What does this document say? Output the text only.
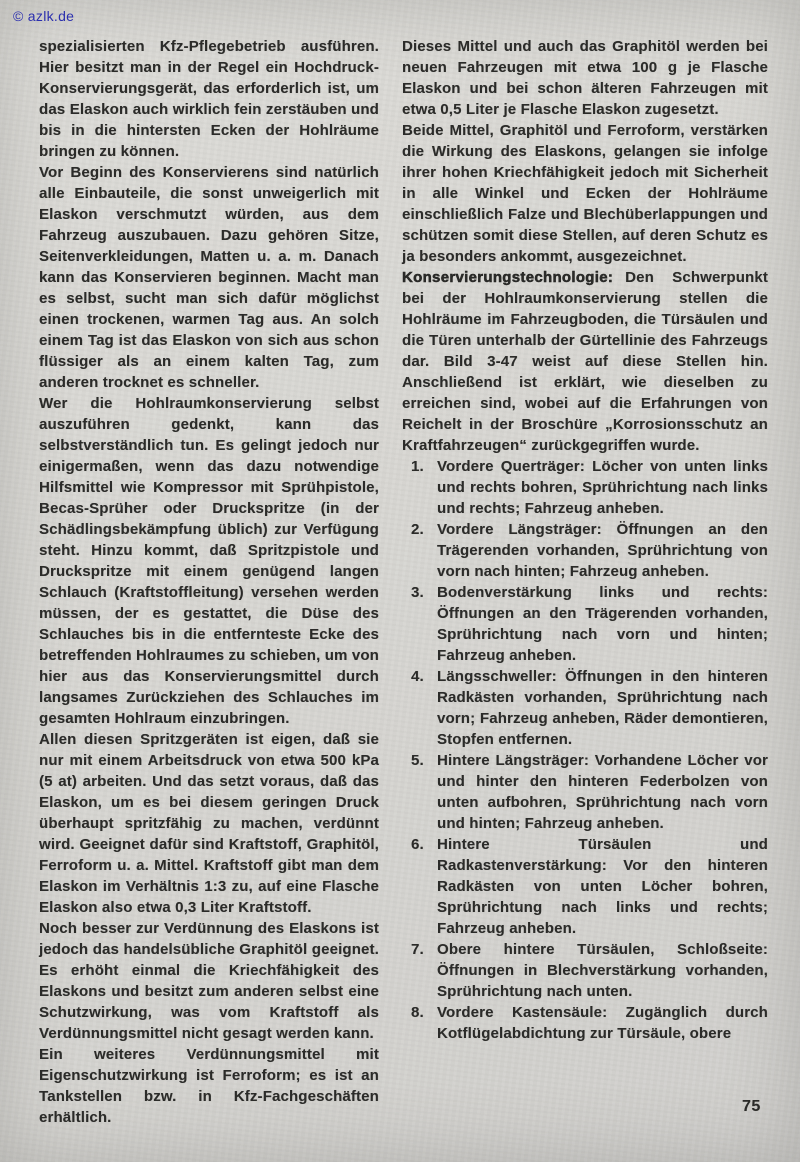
© azlk.de

spezialisierten Kfz-Pflegebetrieb ausführen. Hier besitzt man in der Regel ein Hochdruck-Konservierungsgerät, das erforderlich ist, um das Elaskon auch wirklich fein zerstäuben und bis in die hintersten Ecken der Hohlräume bringen zu können.

Vor Beginn des Konservierens sind natürlich alle Einbauteile, die sonst unweigerlich mit Elaskon verschmutzt würden, aus dem Fahrzeug auszubauen. Dazu gehören Sitze, Seitenverkleidungen, Matten u. a. m. Danach kann das Konservieren beginnen. Macht man es selbst, sucht man sich dafür möglichst einen trockenen, warmen Tag aus. An solch einem Tag ist das Elaskon von sich aus schon flüssiger als an einem kalten Tag, zum anderen trocknet es schneller.

Wer die Hohlraumkonservierung selbst auszuführen gedenkt, kann das selbstverständlich tun. Es gelingt jedoch nur einigermaßen, wenn das dazu notwendige Hilfsmittel wie Kompressor mit Sprühpistole, Becas-Sprüher oder Druckspritze (in der Schädlingsbekämpfung üblich) zur Verfügung steht. Hinzu kommt, daß Spritzpistole und Druckspritze mit einem genügend langen Schlauch (Kraftstoffleitung) versehen werden müssen, der es gestattet, die Düse des Schlauches bis in die entfernteste Ecke des betreffenden Hohlraumes zu schieben, um von hier aus das Konservierungsmittel durch langsames Zurückziehen des Schlauches im gesamten Hohlraum einzubringen.

Allen diesen Spritzgeräten ist eigen, daß sie nur mit einem Arbeitsdruck von etwa 500 kPa (5 at) arbeiten. Und das setzt voraus, daß das Elaskon, um es bei diesem geringen Druck überhaupt spritzfähig zu machen, verdünnt wird. Geeignet dafür sind Kraftstoff, Graphitöl, Ferroform u. a. Mittel. Kraftstoff gibt man dem Elaskon im Verhältnis 1:3 zu, auf eine Flasche Elaskon also etwa 0,3 Liter Kraftstoff.

Noch besser zur Verdünnung des Elaskons ist jedoch das handelsübliche Graphitöl geeignet. Es erhöht einmal die Kriechfähigkeit des Elaskons und besitzt zum anderen selbst eine Schutzwirkung, was vom Kraftstoff als Verdünnungsmittel nicht gesagt werden kann.

Ein weiteres Verdünnungsmittel mit Eigenschutzwirkung ist Ferroform; es ist an Tankstellen bzw. in Kfz-Fachgeschäften erhältlich.

Dieses Mittel und auch das Graphitöl werden bei neuen Fahrzeugen mit etwa 100 g je Flasche Elaskon und bei schon älteren Fahrzeugen mit etwa 0,5 Liter je Flasche Elaskon zugesetzt.

Beide Mittel, Graphitöl und Ferroform, verstärken die Wirkung des Elaskons, gelangen sie infolge ihrer hohen Kriechfähigkeit jedoch mit Sicherheit in alle Winkel und Ecken der Hohlräume einschließlich Falze und Blechüberlappungen und schützen somit diese Stellen, auf deren Schutz es ja besonders ankommt, ausgezeichnet.

Konservierungstechnologie: Den Schwerpunkt bei der Hohlraumkonservierung stellen die Hohlräume im Fahrzeugboden, die Türsäulen und die Türen unterhalb der Gürtellinie des Fahrzeugs dar. Bild 3-47 weist auf diese Stellen hin. Anschließend ist erklärt, wie dieselben zu erreichen sind, wobei auf die Erfahrungen von Reichelt in der Broschüre „Korrosionsschutz an Kraftfahrzeugen“ zurückgegriffen wurde.

1. Vordere Querträger: Löcher von unten links und rechts bohren, Sprührichtung nach links und rechts; Fahrzeug anheben.
2. Vordere Längsträger: Öffnungen an den Trägerenden vorhanden, Sprührichtung von vorn nach hinten; Fahrzeug anheben.
3. Bodenverstärkung links und rechts: Öffnungen an den Trägerenden vorhanden, Sprührichtung nach vorn und hinten; Fahrzeug anheben.
4. Längsschweller: Öffnungen in den hinteren Radkästen vorhanden, Sprührichtung nach vorn; Fahrzeug anheben, Räder demontieren, Stopfen entfernen.
5. Hintere Längsträger: Vorhandene Löcher vor und hinter den hinteren Federbolzen von unten aufbohren, Sprührichtung nach vorn und hinten; Fahrzeug anheben.
6. Hintere Türsäulen und Radkastenverstärkung: Vor den hinteren Radkästen von unten Löcher bohren, Sprührichtung nach links und rechts; Fahrzeug anheben.
7. Obere hintere Türsäulen, Schloßseite: Öffnungen in Blechverstärkung vorhanden, Sprührichtung nach unten.
8. Vordere Kastensäule: Zugänglich durch Kotflügelabdichtung zur Türsäule, obere
75
